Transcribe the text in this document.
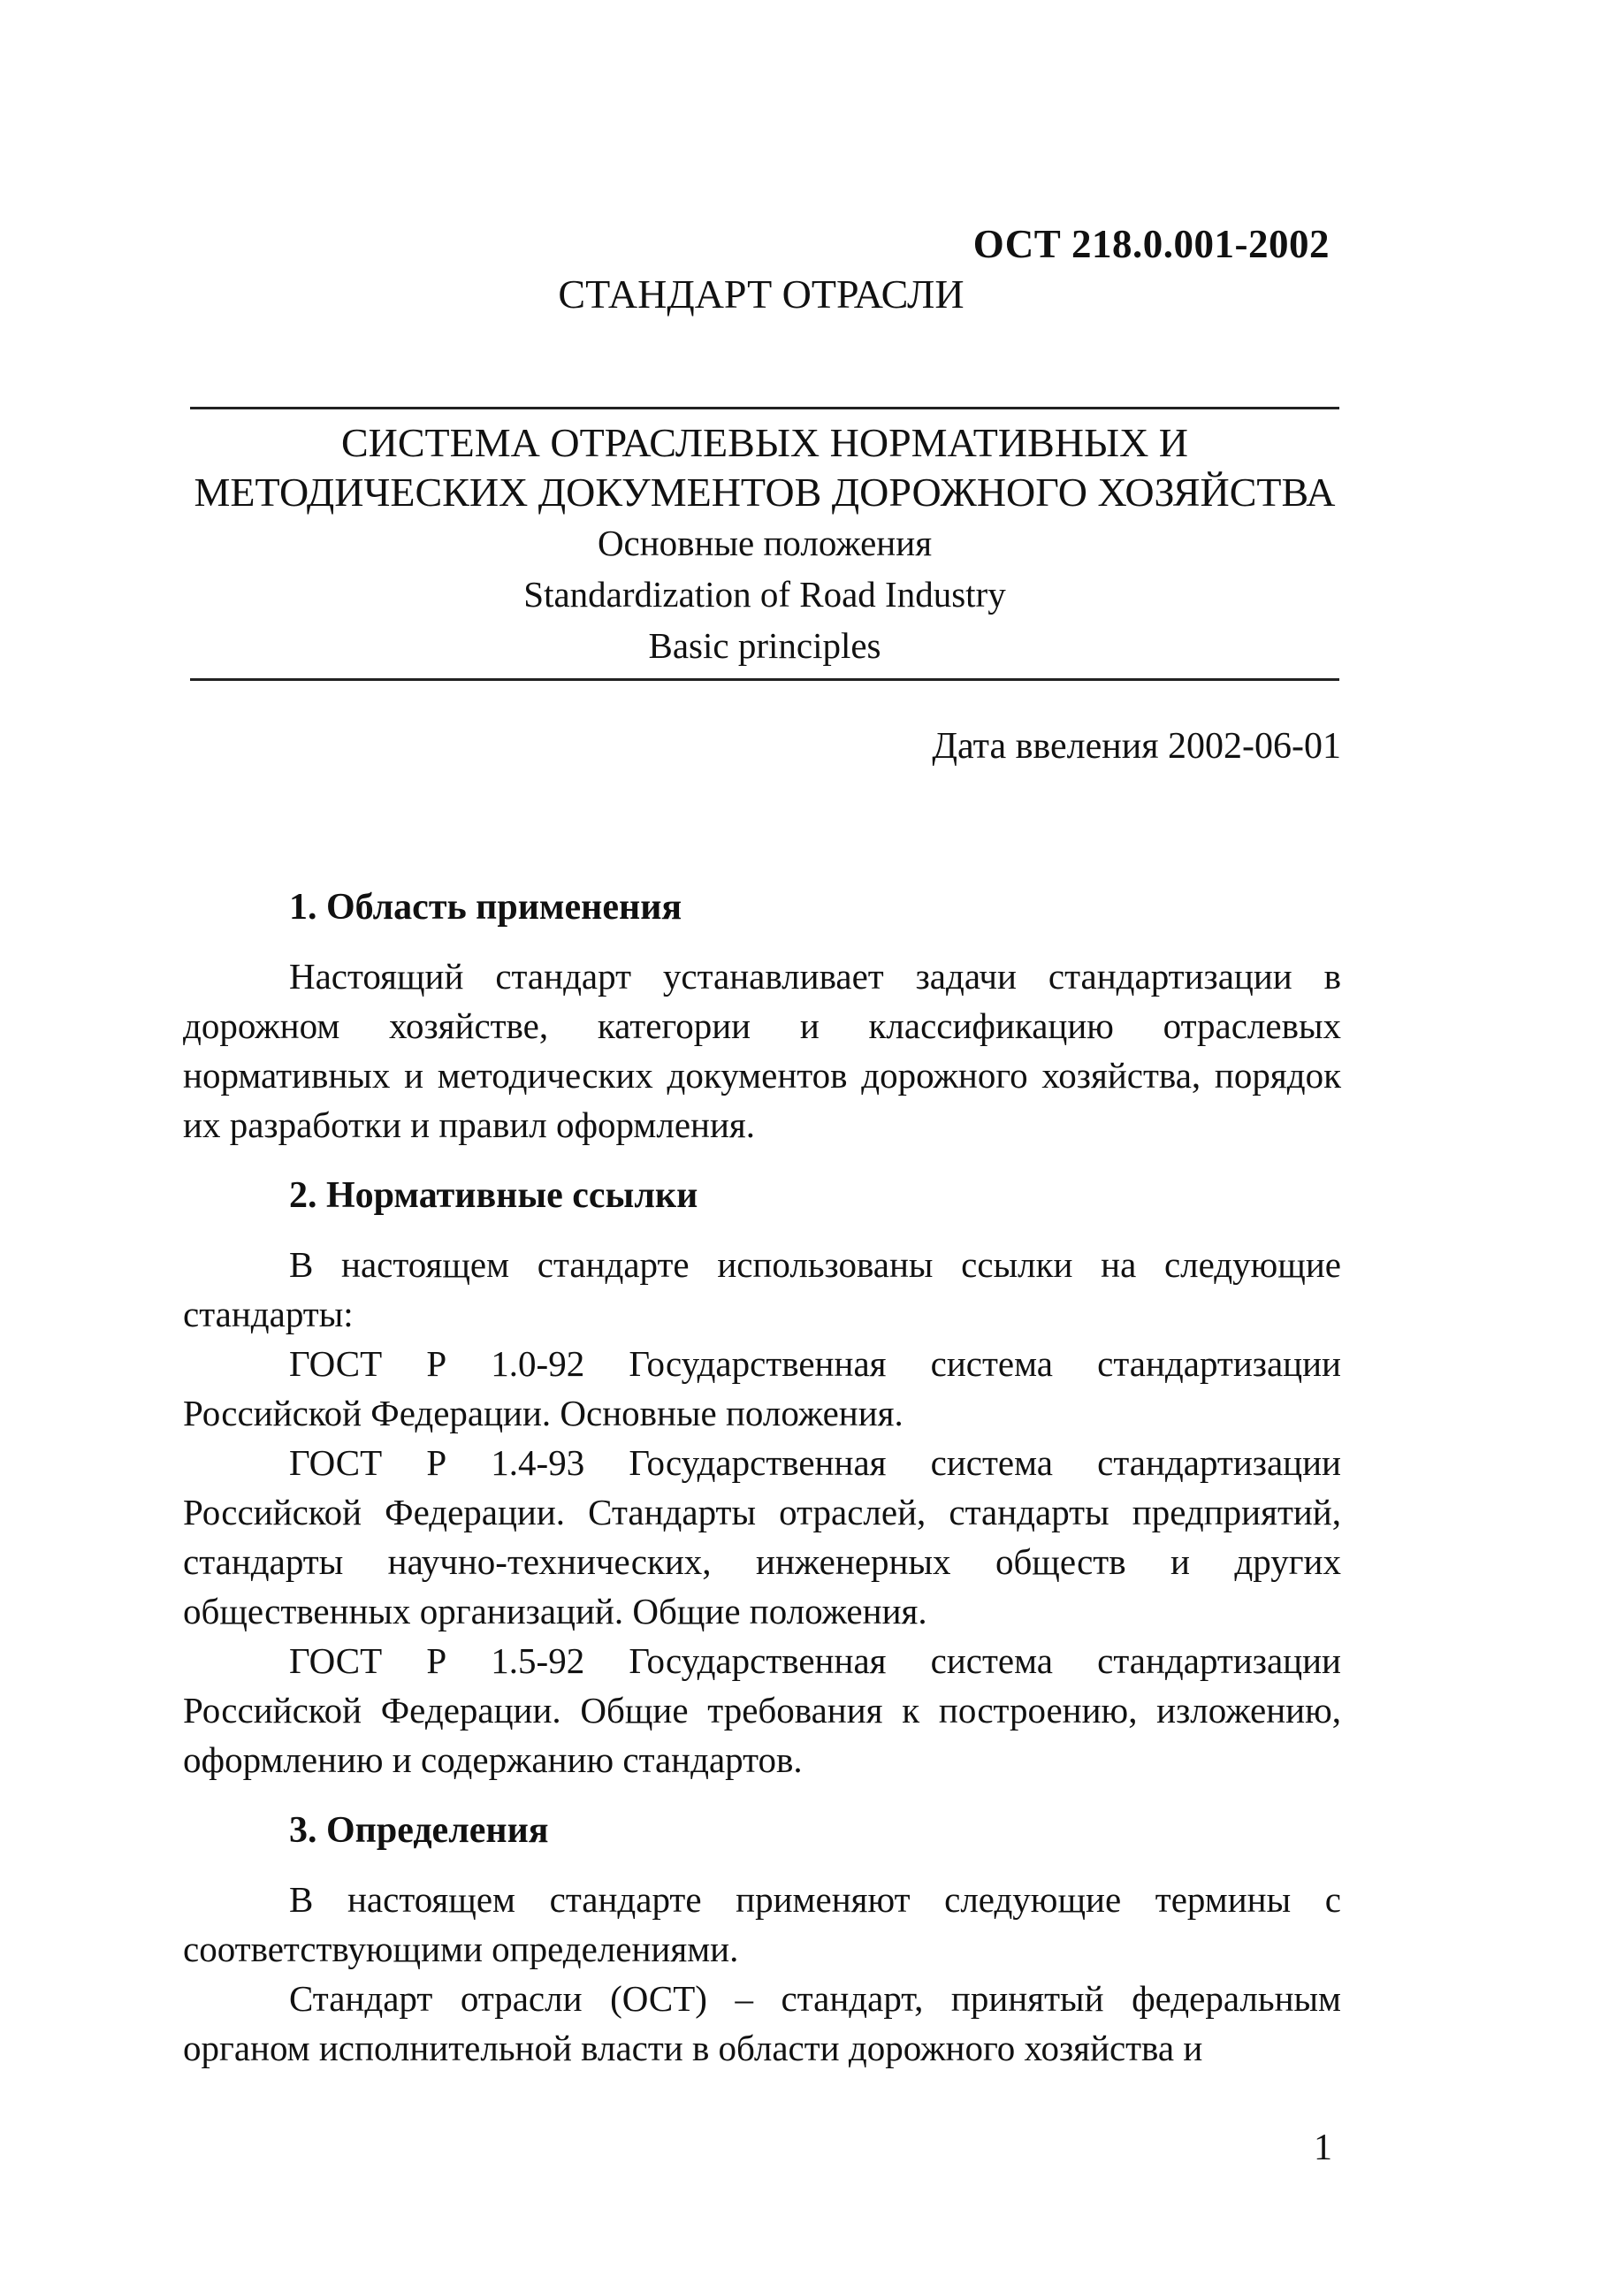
ОСТ 218.0.001-2002
СТАНДАРТ ОТРАСЛИ
СИСТЕМА ОТРАСЛЕВЫХ НОРМАТИВНЫХ И
МЕТОДИЧЕСКИХ ДОКУМЕНТОВ ДОРОЖНОГО ХОЗЯЙСТВА
Основные положения
Standardization of Road Industry
Basic principles
Дата ввеления 2002-06-01
1. Область применения

Настоящий стандарт устанавливает задачи стандартизации в дорожном хозяйстве, категории и классификацию отраслевых нормативных и методических документов дорожного хозяйства, порядок их разработки и правил оформления.

2. Нормативные ссылки

В настоящем стандарте использованы ссылки на следующие стандарты:

ГОСТ Р 1.0-92 Государственная система стандартизации Российской Федерации. Основные положения.

ГОСТ Р 1.4-93 Государственная система стандартизации Российской Федерации. Стандарты отраслей, стандарты предприятий, стандарты научно-технических, инженерных обществ и других общественных организаций. Общие положения.

ГОСТ Р 1.5-92 Государственная система стандартизации Российской Федерации. Общие требования к построению, изложению, оформлению и содержанию стандартов.

3. Определения

В настоящем стандарте применяют следующие термины с соответствующими определениями.

Стандарт отрасли (ОСТ) – стандарт, принятый федеральным органом исполнительной власти в области дорожного хозяйства и

1
